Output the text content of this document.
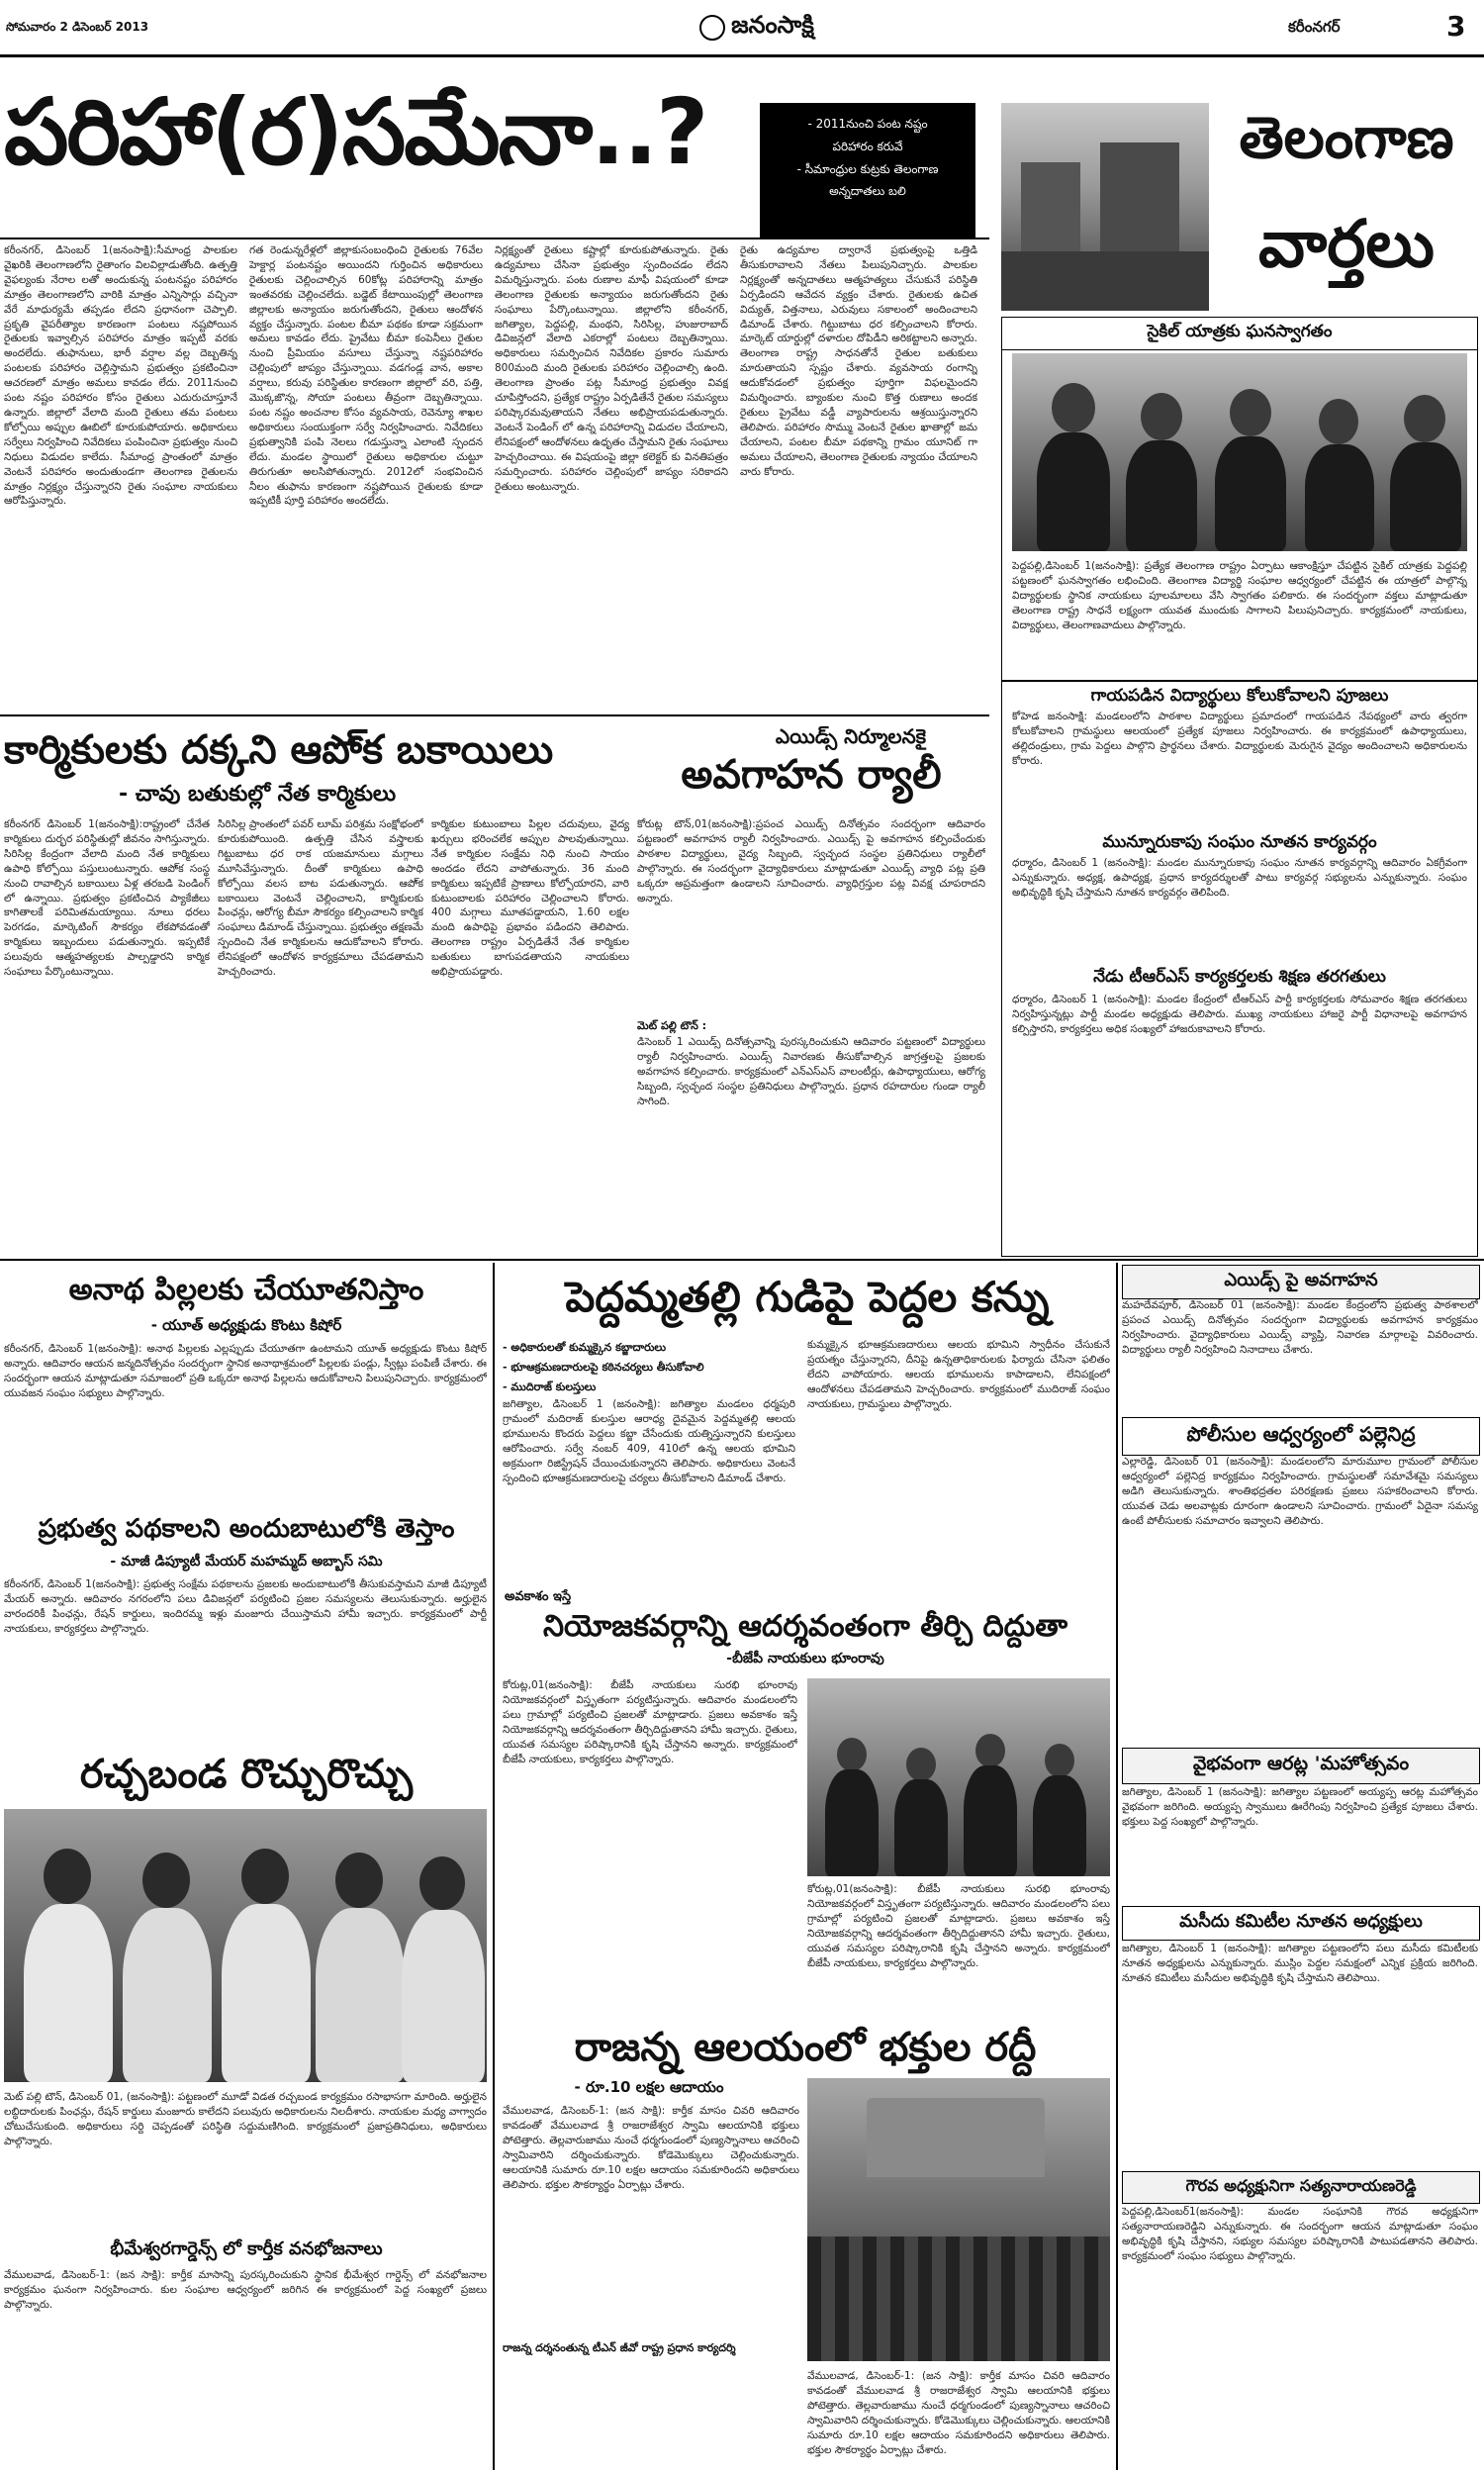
సోమవారం 2 డిసెంబర్ 2013	జనంసాక్షి	కరీంనగర్	3
పరిహా(ర)సమేనా..?	- 2011నుంచి పంట నష్టం
పరిహారం కరువే
- సీమాంధ్రుల కుట్రకు తెలంగాణ
అన్నదాతలు బలి

కరీంనగర్, డిసెంబర్ 1(జనంసాక్షి):సీమాంధ్ర పాలకుల వైఖరికి తెలంగాణలోని రైతాంగం విలవిల్లాడుతోంది. ఉత్పత్తి వైఫల్యంకు నేరాల లతో అందుకున్న పంటనష్టం పరిహారం మాత్రం తెలంగాణలోని వారికి మాత్రం ఎన్నిసార్లు వచ్చినా వేరే మాధుర్యమే తప్పడం లేదని ప్రధానంగా చెప్పాలి. ప్రకృతి వైపరీత్యాల కారణంగా పంటలు నష్టపోయిన రైతులకు ఇవ్వాల్సిన పరిహారం మాత్రం ఇప్పటి వరకు అందలేదు. తుఫానులు, భారీ వర్షాల వల్ల దెబ్బతిన్న పంటలకు పరిహారం చెల్లిస్తామని ప్రభుత్వం ప్రకటించినా ఆచరణలో మాత్రం అమలు కావడం లేదు. 2011నుంచి పంట నష్టం పరిహారం కోసం రైతులు ఎదురుచూస్తూనే ఉన్నారు. జిల్లాలో వేలాది మంది రైతులు తమ పంటలు కోల్పోయి అప్పుల ఊబిలో కూరుకుపోయారు. అధికారులు సర్వేలు నిర్వహించి నివేదికలు పంపించినా ప్రభుత్వం నుంచి నిధులు విడుదల కాలేదు. సీమాంధ్ర ప్రాంతంలో మాత్రం వెంటనే పరిహారం అందుతుండగా తెలంగాణ రైతులను మాత్రం నిర్లక్ష్యం చేస్తున్నారని రైతు సంఘాల నాయకులు ఆరోపిస్తున్నారు.

గత రెండున్నరేళ్లలో జిల్లాకుసంబంధించి రైతులకు 76వేల హెక్టార్ల పంటనష్టం అయిందని గుర్తించిన అధికారులు రైతులకు చెల్లించాల్సిన 60కోట్ల పరిహారాన్ని మాత్రం ఇంతవరకు చెల్లించలేదు. బడ్జెట్ కేటాయింపుల్లో తెలంగాణ జిల్లాలకు అన్యాయం జరుగుతోందని, రైతులు ఆందోళన వ్యక్తం చేస్తున్నారు. పంటల బీమా పథకం కూడా సక్రమంగా అమలు కావడం లేదు. ప్రైవేటు బీమా కంపెనీలు రైతుల నుంచి ప్రీమియం వసూలు చేస్తున్నా నష్టపరిహారం చెల్లింపులో జాప్యం చేస్తున్నాయి. వడగండ్ల వాన, అకాల వర్షాలు, కరువు పరిస్థితుల కారణంగా జిల్లాలో వరి, పత్తి, మొక్కజొన్న, సోయా పంటలు తీవ్రంగా దెబ్బతిన్నాయి. పంట నష్టం అంచనాల కోసం వ్యవసాయ, రెవెన్యూ శాఖల అధికారులు సంయుక్తంగా సర్వే నిర్వహించారు. నివేదికలు ప్రభుత్వానికి పంపి నెలలు గడుస్తున్నా ఎలాంటి స్పందన లేదు. మండల స్థాయిలో రైతులు అధికారుల చుట్టూ తిరుగుతూ అలసిపోతున్నారు. 2012లో సంభవించిన నీలం తుఫాను కారణంగా నష్టపోయిన రైతులకు కూడా ఇప్పటికీ పూర్తి పరిహారం అందలేదు.

నిర్లక్ష్యంతో రైతులు కష్టాల్లో కూరుకుపోతున్నారు. రైతు ఉద్యమాలు చేసినా ప్రభుత్వం స్పందించడం లేదని విమర్శిస్తున్నారు. పంట రుణాల మాఫీ విషయంలో కూడా తెలంగాణ రైతులకు అన్యాయం జరుగుతోందని రైతు సంఘాలు పేర్కొంటున్నాయి. జిల్లాలోని కరీంనగర్, జగిత్యాల, పెద్దపల్లి, మంథని, సిరిసిల్ల, హుజురాబాద్ డివిజన్లలో వేలాది ఎకరాల్లో పంటలు దెబ్బతిన్నాయి. అధికారులు సమర్పించిన నివేదికల ప్రకారం సుమారు 800మంది మంది రైతులకు పరిహారం చెల్లించాల్సి ఉంది. తెలంగాణ ప్రాంతం పట్ల సీమాంధ్ర ప్రభుత్వం వివక్ష చూపిస్తోందని, ప్రత్యేక రాష్ట్రం ఏర్పడితేనే రైతుల సమస్యలు పరిష్కారమవుతాయని నేతలు అభిప్రాయపడుతున్నారు. వెంటనే పెండింగ్ లో ఉన్న పరిహారాన్ని విడుదల చేయాలని, లేనిపక్షంలో ఆందోళనలు ఉధృతం చేస్తామని రైతు సంఘాలు హెచ్చరించాయి. ఈ విషయంపై జిల్లా కలెక్టర్ కు వినతిపత్రం సమర్పించారు. పరిహారం చెల్లింపులో జాప్యం సరికాదని రైతులు అంటున్నారు.

రైతు ఉద్యమాల ద్వారానే ప్రభుత్వంపై ఒత్తిడి తీసుకురావాలని నేతలు పిలుపునిచ్చారు. పాలకుల నిర్లక్ష్యంతో అన్నదాతలు ఆత్మహత్యలు చేసుకునే పరిస్థితి ఏర్పడిందని ఆవేదన వ్యక్తం చేశారు. రైతులకు ఉచిత విద్యుత్, విత్తనాలు, ఎరువులు సకాలంలో అందించాలని డిమాండ్ చేశారు. గిట్టుబాటు ధర కల్పించాలని కోరారు. మార్కెట్ యార్డుల్లో దళారుల దోపిడీని అరికట్టాలని అన్నారు. తెలంగాణ రాష్ట్ర సాధనతోనే రైతుల బతుకులు మారుతాయని స్పష్టం చేశారు. వ్యవసాయ రంగాన్ని ఆదుకోవడంలో ప్రభుత్వం పూర్తిగా విఫలమైందని విమర్శించారు. బ్యాంకుల నుంచి కొత్త రుణాలు అందక రైతులు ప్రైవేటు వడ్డీ వ్యాపారులను ఆశ్రయిస్తున్నారని తెలిపారు. పరిహారం సొమ్ము వెంటనే రైతుల ఖాతాల్లో జమ చేయాలని, పంటల బీమా పథకాన్ని గ్రామం యూనిట్ గా అమలు చేయాలని, తెలంగాణ రైతులకు న్యాయం చేయాలని వారు కోరారు.

తెలంగాణ
వార్తలు
సైకిల్ యాత్రకు ఘనస్వాగతం

పెద్దపల్లి,డిసెంబర్ 1(జనంసాక్షి): ప్రత్యేక తెలంగాణ రాష్ట్రం ఏర్పాటు ఆకాంక్షిస్తూ చేపట్టిన సైకిల్ యాత్రకు పెద్దపల్లి పట్టణంలో ఘనస్వాగతం లభించింది. తెలంగాణ విద్యార్థి సంఘాల ఆధ్వర్యంలో చేపట్టిన ఈ యాత్రలో పాల్గొన్న విద్యార్థులకు స్థానిక నాయకులు పూలమాలలు వేసి స్వాగతం పలికారు. ఈ సందర్భంగా వక్తలు మాట్లాడుతూ తెలంగాణ రాష్ట్ర సాధనే లక్ష్యంగా యువత ముందుకు సాగాలని పిలుపునిచ్చారు. కార్యక్రమంలో నాయకులు, విద్యార్థులు, తెలంగాణవాదులు పాల్గొన్నారు.

గాయపడిన విద్యార్థులు కోలుకోవాలని పూజలు

కోహెడ జనంసాక్షి: మండలంలోని పాఠశాల విద్యార్థులు ప్రమాదంలో గాయపడిన నేపథ్యంలో వారు త్వరగా కోలుకోవాలని గ్రామస్థులు ఆలయంలో ప్రత్యేక పూజలు నిర్వహించారు. ఈ కార్యక్రమంలో ఉపాధ్యాయులు, తల్లిదండ్రులు, గ్రామ పెద్దలు పాల్గొని ప్రార్థనలు చేశారు. విద్యార్థులకు మెరుగైన వైద్యం అందించాలని అధికారులను కోరారు.

మున్నూరుకాపు సంఘం నూతన కార్యవర్గం

ధర్మారం, డిసెంబర్ 1 (జనంసాక్షి): మండల మున్నూరుకాపు సంఘం నూతన కార్యవర్గాన్ని ఆదివారం ఏకగ్రీవంగా ఎన్నుకున్నారు. అధ్యక్ష, ఉపాధ్యక్ష, ప్రధాన కార్యదర్శులతో పాటు కార్యవర్గ సభ్యులను ఎన్నుకున్నారు. సంఘం అభివృద్ధికి కృషి చేస్తామని నూతన కార్యవర్గం తెలిపింది.

నేడు టీఆర్ఎస్ కార్యకర్తలకు శిక్షణ తరగతులు

ధర్మారం, డిసెంబర్ 1 (జనంసాక్షి): మండల కేంద్రంలో టీఆర్ఎస్ పార్టీ కార్యకర్తలకు సోమవారం శిక్షణ తరగతులు నిర్వహిస్తున్నట్లు పార్టీ మండల అధ్యక్షుడు తెలిపారు. ముఖ్య నాయకులు హాజరై పార్టీ విధానాలపై అవగాహన కల్పిస్తారని, కార్యకర్తలు అధిక సంఖ్యలో హాజరుకావాలని కోరారు.

కార్మికులకు దక్కని ఆపో్క బకాయిలు
- చావు బతుకుల్లో నేత కార్మికులు

కరీంనగర్ డిసెంబర్ 1(జనంసాక్షి):రాష్ట్రంలో చేనేత కార్మికులు దుర్భర పరిస్థితుల్లో జీవనం సాగిస్తున్నారు. సిరిసిల్ల కేంద్రంగా వేలాది మంది నేత కార్మికులు ఉపాధి కోల్పోయి పస్తులుంటున్నారు. ఆపో్క సంస్థ నుంచి రావాల్సిన బకాయిలు ఏళ్ల తరబడి పెండింగ్ లో ఉన్నాయి. ప్రభుత్వం ప్రకటించిన ప్యాకేజీలు కాగితాలకే పరిమితమయ్యాయి. నూలు ధరలు పెరగడం, మార్కెటింగ్ సౌకర్యం లేకపోవడంతో కార్మికులు ఇబ్బందులు పడుతున్నారు. ఇప్పటికే పలువురు ఆత్మహత్యలకు పాల్పడ్డారని కార్మిక సంఘాలు పేర్కొంటున్నాయి.

సిరిసిల్ల ప్రాంతంలో పవర్ లూమ్ పరిశ్రమ సంక్షోభంలో కూరుకుపోయింది. ఉత్పత్తి చేసిన వస్త్రాలకు గిట్టుబాటు ధర రాక యజమానులు మగ్గాలు మూసివేస్తున్నారు. దీంతో కార్మికులు ఉపాధి కోల్పోయి వలస బాట పడుతున్నారు. ఆపో్క బకాయిలు వెంటనే చెల్లించాలని, కార్మికులకు పింఛన్లు, ఆరోగ్య బీమా సౌకర్యం కల్పించాలని కార్మిక సంఘాలు డిమాండ్ చేస్తున్నాయి. ప్రభుత్వం తక్షణమే స్పందించి నేత కార్మికులను ఆదుకోవాలని కోరారు. లేనిపక్షంలో ఆందోళన కార్యక్రమాలు చేపడతామని హెచ్చరించారు.

కార్మికుల కుటుంబాలు పిల్లల చదువులు, వైద్య ఖర్చులు భరించలేక అప్పుల పాలవుతున్నాయి. నేత కార్మికుల సంక్షేమ నిధి నుంచి సాయం అందడం లేదని వాపోతున్నారు. 36 మంది కార్మికులు ఇప్పటికే ప్రాణాలు కోల్పోయారని, వారి కుటుంబాలకు పరిహారం చెల్లించాలని కోరారు. 400 మగ్గాలు మూతపడ్డాయని, 1.60 లక్షల మంది ఉపాధిపై ప్రభావం పడిందని తెలిపారు. తెలంగాణ రాష్ట్రం ఏర్పడితేనే నేత కార్మికుల బతుకులు బాగుపడతాయని నాయకులు అభిప్రాయపడ్డారు.

ఎయిడ్స్ నిర్మూలనకై
అవగాహన ర్యాలీ

కోరుట్ల టౌన్,01(జనంసాక్షి):ప్రపంచ ఎయిడ్స్ దినోత్సవం సందర్భంగా ఆదివారం పట్టణంలో అవగాహన ర్యాలీ నిర్వహించారు. ఎయిడ్స్ పై అవగాహన కల్పించేందుకు పాఠశాల విద్యార్థులు, వైద్య సిబ్బంది, స్వచ్ఛంద సంస్థల ప్రతినిధులు ర్యాలీలో పాల్గొన్నారు. ఈ సందర్భంగా వైద్యాధికారులు మాట్లాడుతూ ఎయిడ్స్ వ్యాధి పట్ల ప్రతి ఒక్కరూ అప్రమత్తంగా ఉండాలని సూచించారు. వ్యాధిగ్రస్తుల పట్ల వివక్ష చూపరాదని అన్నారు.

మెట్ పల్లి టౌన్ :

డిసెంబర్ 1 ఎయిడ్స్ దినోత్సవాన్ని పురస్కరించుకుని ఆదివారం పట్టణంలో విద్యార్థులు ర్యాలీ నిర్వహించారు. ఎయిడ్స్ నివారణకు తీసుకోవాల్సిన జాగ్రత్తలపై ప్రజలకు అవగాహన కల్పించారు. కార్యక్రమంలో ఎన్ఎస్ఎస్ వాలంటీర్లు, ఉపాధ్యాయులు, ఆరోగ్య సిబ్బంది, స్వచ్ఛంద సంస్థల ప్రతినిధులు పాల్గొన్నారు. ప్రధాన రహదారుల గుండా ర్యాలీ సాగింది.

అనాథ పిల్లలకు చేయూతనిస్తాం
- యూత్ అధ్యక్షుడు కొంటు కిషోర్

కరీంనగర్, డిసెంబర్ 1(జనంసాక్షి): అనాథ పిల్లలకు ఎల్లప్పుడు చేయూతగా ఉంటామని యూత్ అధ్యక్షుడు కొంటు కిషోర్ అన్నారు. ఆదివారం ఆయన జన్మదినోత్సవం సందర్భంగా స్థానిక అనాథాశ్రమంలో పిల్లలకు పండ్లు, స్వీట్లు పంపిణీ చేశారు. ఈ సందర్భంగా ఆయన మాట్లాడుతూ సమాజంలో ప్రతి ఒక్కరూ అనాథ పిల్లలను ఆదుకోవాలని పిలుపునిచ్చారు. కార్యక్రమంలో యువజన సంఘం సభ్యులు పాల్గొన్నారు.

ప్రభుత్వ పథకాలని అందుబాటులోకి తెస్తాం
- మాజీ డిప్యూటీ మేయర్ మహమ్మద్ అబ్బాస్ సమి

కరీంనగర్, డిసెంబర్ 1(జనంసాక్షి): ప్రభుత్వ సంక్షేమ పథకాలను ప్రజలకు అందుబాటులోకి తీసుకువస్తామని మాజీ డిప్యూటీ మేయర్ అన్నారు. ఆదివారం నగరంలోని పలు డివిజన్లలో పర్యటించి ప్రజల సమస్యలను తెలుసుకున్నారు. అర్హులైన వారందరికీ పింఛన్లు, రేషన్ కార్డులు, ఇందిరమ్మ ఇళ్లు మంజూరు చేయిస్తామని హామీ ఇచ్చారు. కార్యక్రమంలో పార్టీ నాయకులు, కార్యకర్తలు పాల్గొన్నారు.

రచ్చబండ రొచ్చురొచ్చు

మెట్ పల్లి టౌన్, డిసెంబర్ 01, (జనంసాక్షి): పట్టణంలో మూడో విడత రచ్చబండ కార్యక్రమం రసాభాసగా మారింది. అర్హులైన లబ్ధిదారులకు పింఛన్లు, రేషన్ కార్డులు మంజూరు కాలేదని పలువురు అధికారులను నిలదీశారు. నాయకుల మధ్య వాగ్వాదం చోటుచేసుకుంది. అధికారులు సర్ది చెప్పడంతో పరిస్థితి సద్దుమణిగింది. కార్యక్రమంలో ప్రజాప్రతినిధులు, అధికారులు పాల్గొన్నారు.

భీమేశ్వరగార్డెన్స్ లో కార్తీక వనభోజనాలు

వేములవాడ, డిసెంబర్-1: (జన సాక్షి): కార్తీక మాసాన్ని పురస్కరించుకుని స్థానిక భీమేశ్వర గార్డెన్స్ లో వనభోజనాల కార్యక్రమం ఘనంగా నిర్వహించారు. కుల సంఘాల ఆధ్వర్యంలో జరిగిన ఈ కార్యక్రమంలో పెద్ద సంఖ్యలో ప్రజలు పాల్గొన్నారు.

పెద్దమ్మతల్లి గుడిపై పెద్దల కన్ను
- అధికారులతో కుమ్మక్కైన కబ్జాదారులు
- భూఆక్రమణదారులపై కఠినచర్యలు తీసుకోవాలి
- ముదిరాజ్ కులస్తులు

జగిత్యాల, డిసెంబర్ 1 (జనంసాక్షి): జగిత్యాల మండలం ధర్మపురి గ్రామంలో మదిరాజ్ కులస్తుల ఆరాధ్య దైవమైన పెద్దమ్మతల్లి ఆలయ భూములను కొందరు పెద్దలు కబ్జా చేసేందుకు యత్నిస్తున్నారని కులస్తులు ఆరోపించారు. సర్వే నంబర్ 409, 410లో ఉన్న ఆలయ భూమిని అక్రమంగా రిజిస్ట్రేషన్ చేయించుకున్నారని తెలిపారు. అధికారులు వెంటనే స్పందించి భూఆక్రమణదారులపై చర్యలు తీసుకోవాలని డిమాండ్ చేశారు.

కుమ్మక్కైన భూఆక్రమణదారులు ఆలయ భూమిని స్వాధీనం చేసుకునే ప్రయత్నం చేస్తున్నారని, దీనిపై ఉన్నతాధికారులకు ఫిర్యాదు చేసినా ఫలితం లేదని వాపోయారు. ఆలయ భూములను కాపాడాలని, లేనిపక్షంలో ఆందోళనలు చేపడతామని హెచ్చరించారు. కార్యక్రమంలో ముదిరాజ్ సంఘం నాయకులు, గ్రామస్థులు పాల్గొన్నారు.

అవకాశం ఇస్తే
నియోజకవర్గాన్ని ఆదర్శవంతంగా తీర్చి దిద్దుతా
-బీజేపీ నాయకులు భూంరావు

కోరుట్ల,01(జనంసాక్షి): బీజేపీ నాయకులు సురభి భూంరావు నియోజకవర్గంలో విస్తృతంగా పర్యటిస్తున్నారు. ఆదివారం మండలంలోని పలు గ్రామాల్లో పర్యటించి ప్రజలతో మాట్లాడారు. ప్రజలు అవకాశం ఇస్తే నియోజకవర్గాన్ని ఆదర్శవంతంగా తీర్చిదిద్దుతానని హామీ ఇచ్చారు. రైతులు, యువత సమస్యల పరిష్కారానికి కృషి చేస్తానని అన్నారు. కార్యక్రమంలో బీజేపీ నాయకులు, కార్యకర్తలు పాల్గొన్నారు.

కోరుట్ల,01(జనంసాక్షి): బీజేపీ నాయకులు సురభి భూంరావు నియోజకవర్గంలో విస్తృతంగా పర్యటిస్తున్నారు. ఆదివారం మండలంలోని పలు గ్రామాల్లో పర్యటించి ప్రజలతో మాట్లాడారు. ప్రజలు అవకాశం ఇస్తే నియోజకవర్గాన్ని ఆదర్శవంతంగా తీర్చిదిద్దుతానని హామీ ఇచ్చారు. రైతులు, యువత సమస్యల పరిష్కారానికి కృషి చేస్తానని అన్నారు. కార్యక్రమంలో బీజేపీ నాయకులు, కార్యకర్తలు పాల్గొన్నారు.

రాజన్న ఆలయంలో భక్తుల రద్దీ
- రూ.10 లక్షల ఆదాయం

వేములవాడ, డిసెంబర్-1: (జన సాక్షి): కార్తీక మాసం చివరి ఆదివారం కావడంతో వేములవాడ శ్రీ రాజరాజేశ్వర స్వామి ఆలయానికి భక్తులు పోటెత్తారు. తెల్లవారుజాము నుంచే ధర్మగుండంలో పుణ్యస్నానాలు ఆచరించి స్వామివారిని దర్శించుకున్నారు. కోడెమొక్కులు చెల్లించుకున్నారు. ఆలయానికి సుమారు రూ.10 లక్షల ఆదాయం సమకూరిందని అధికారులు తెలిపారు. భక్తుల సౌకర్యార్థం ఏర్పాట్లు చేశారు.

రాజన్న దర్శనంతున్న టీఎన్ జీవో రాష్ట్ర ప్రధాన కార్యదర్శి

వేములవాడ, డిసెంబర్-1: (జన సాక్షి): కార్తీక మాసం చివరి ఆదివారం కావడంతో వేములవాడ శ్రీ రాజరాజేశ్వర స్వామి ఆలయానికి భక్తులు పోటెత్తారు. తెల్లవారుజాము నుంచే ధర్మగుండంలో పుణ్యస్నానాలు ఆచరించి స్వామివారిని దర్శించుకున్నారు. కోడెమొక్కులు చెల్లించుకున్నారు. ఆలయానికి సుమారు రూ.10 లక్షల ఆదాయం సమకూరిందని అధికారులు తెలిపారు. భక్తుల సౌకర్యార్థం ఏర్పాట్లు చేశారు.

ఎయిడ్స్ పై అవగాహన

మహదేవపూర్, డిసెంబర్ 01 (జనంసాక్షి): మండల కేంద్రంలోని ప్రభుత్వ పాఠశాలలో ప్రపంచ ఎయిడ్స్ దినోత్సవం సందర్భంగా విద్యార్థులకు అవగాహన కార్యక్రమం నిర్వహించారు. వైద్యాధికారులు ఎయిడ్స్ వ్యాప్తి, నివారణ మార్గాలపై వివరించారు. విద్యార్థులు ర్యాలీ నిర్వహించి నినాదాలు చేశారు.

పోలీసుల ఆధ్వర్యంలో పల్లెనిద్ర

ఎల్లారెడ్డి, డిసెంబర్ 01 (జనంసాక్షి): మండలంలోని మారుమూల గ్రామంలో పోలీసుల ఆధ్వర్యంలో పల్లెనిద్ర కార్యక్రమం నిర్వహించారు. గ్రామస్థులతో సమావేశమై సమస్యలు అడిగి తెలుసుకున్నారు. శాంతిభద్రతల పరిరక్షణకు ప్రజలు సహకరించాలని కోరారు. యువత చెడు అలవాట్లకు దూరంగా ఉండాలని సూచించారు. గ్రామంలో ఏదైనా సమస్య ఉంటే పోలీసులకు సమాచారం ఇవ్వాలని తెలిపారు.

వైభవంగా ఆరట్ల 'మహోత్సవం

జగిత్యాల, డిసెంబర్ 1 (జనంసాక్షి): జగిత్యాల పట్టణంలో అయ్యప్ప ఆరట్ల మహోత్సవం వైభవంగా జరిగింది. అయ్యప్ప స్వాములు ఊరేగింపు నిర్వహించి ప్రత్యేక పూజలు చేశారు. భక్తులు పెద్ద సంఖ్యలో పాల్గొన్నారు.

మసీదు కమిటీల నూతన అధ్యక్షులు

జగిత్యాల, డిసెంబర్ 1 (జనంసాక్షి): జగిత్యాల పట్టణంలోని పలు మసీదు కమిటీలకు నూతన అధ్యక్షులను ఎన్నుకున్నారు. ముస్లిం పెద్దల సమక్షంలో ఎన్నిక ప్రక్రియ జరిగింది. నూతన కమిటీలు మసీదుల అభివృద్ధికి కృషి చేస్తామని తెలిపాయి.

గౌరవ అధ్యక్షునిగా సత్యనారాయణరెడ్డి

పెద్దపల్లి,డిసెంబర్1(జనంసాక్షి): మండల సంఘానికి గౌరవ అధ్యక్షునిగా సత్యనారాయణరెడ్డిని ఎన్నుకున్నారు. ఈ సందర్భంగా ఆయన మాట్లాడుతూ సంఘం అభివృద్ధికి కృషి చేస్తానని, సభ్యుల సమస్యల పరిష్కారానికి పాటుపడతానని తెలిపారు. కార్యక్రమంలో సంఘం సభ్యులు పాల్గొన్నారు.
